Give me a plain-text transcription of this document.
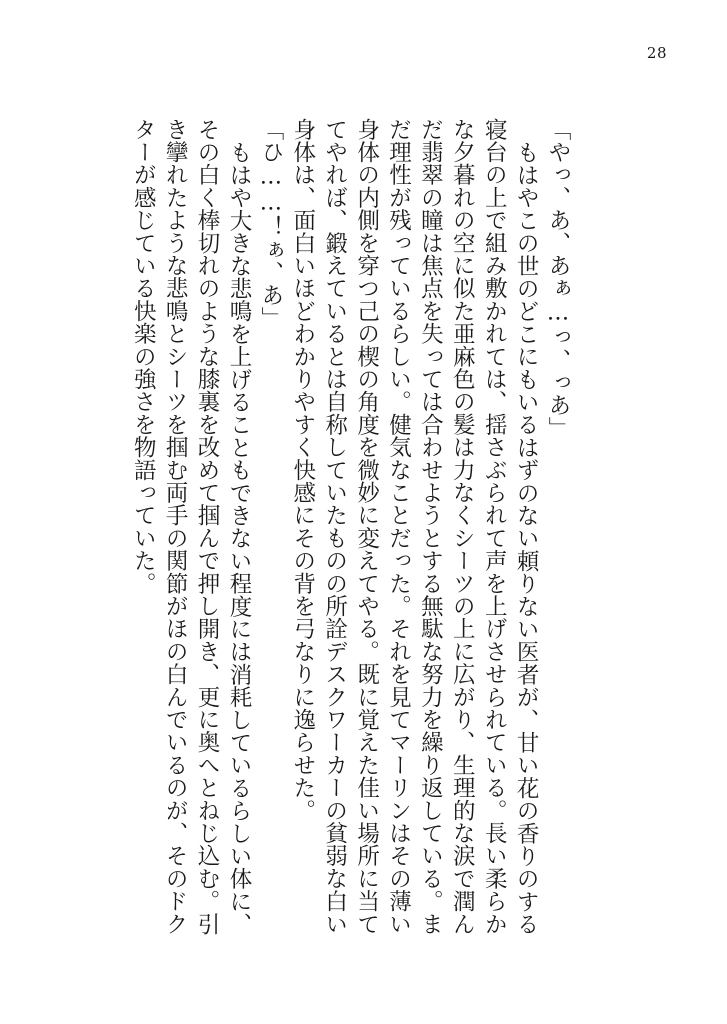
28

「やっ、あ、あぁ…っ、っあ」

もはやこの世のどこにもいるはずのない頼りない医者が、甘い花の香りのする寝台の上で組み敷かれては、揺さぶられて声を上げさせられている。長い柔らかな夕暮れの空に似た亜麻色の髪は力なくシーツの上に広がり、生理的な涙で潤んだ翡翠の瞳は焦点を失っては合わせようとする無駄な努力を繰り返している。まだ理性が残っているらしい。健気なことだった。それを見てマーリンはその薄い身体の内側を穿つ己の楔の角度を微妙に変えてやる。既に覚えた佳い場所に当ててやれば、鍛えているとは自称していたものの所詮デスクワーカーの貧弱な白い身体は、面白いほどわかりやすく快感にその背を弓なりに逸らせた。

「ひ……！ぁ、あ」

もはや大きな悲鳴を上げることもできない程度には消耗しているらしい体に、その白く棒切れのような膝裏を改めて掴んで押し開き、更に奥へとねじ込む。引き攣れたような悲鳴とシーツを掴む両手の関節がほの白んでいるのが、そのドクターが感じている快楽の強さを物語っていた。
